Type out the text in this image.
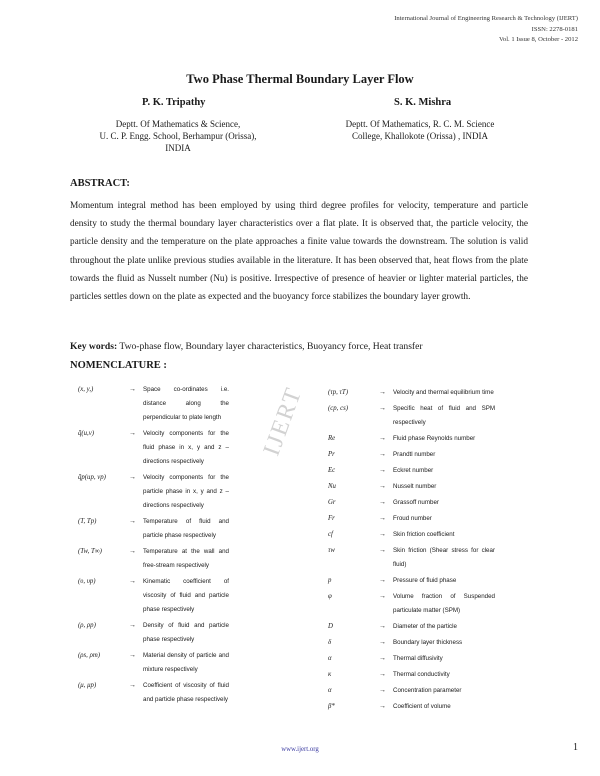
International Journal of Engineering Research & Technology (IJERT)
ISSN: 2278-0181
Vol. 1 Issue 8, October - 2012
Two Phase Thermal Boundary Layer Flow
P. K. Tripathy
Deptt. Of Mathematics & Science,
U. C. P. Engg. School, Berhampur (Orissa),
INDIA
S. K. Mishra
Deptt. Of Mathematics, R. C. M. Science
College, Khallokote (Orissa) , INDIA
ABSTRACT:

Momentum integral method has been employed by using third degree profiles for velocity, temperature and particle density to study the thermal boundary layer characteristics over a flat plate. It is observed that, the particle velocity, the particle density and the temperature on the plate approaches a finite value towards the downstream. The solution is valid throughout the plate unlike previous studies available in the literature. It has been observed that, heat flows from the plate towards the fluid as Nusselt number (Nu) is positive. Irrespective of presence of heavier or lighter material particles, the particles settles down on the plate as expected and the buoyancy force stabilizes the boundary layer growth.

Key words: Two-phase flow, Boundary layer characteristics, Buoyancy force, Heat transfer
NOMENCLATURE :
IJERT
(x, y,)	→	Space co-ordinates i.e. distance along the perpendicular to plate length
q̄(u,v)	→	Velocity components for the fluid phase in x, y and z – directions respectively
q̄p(up, vp)	→	Velocity components for the particle phase in x, y and z – directions respectively
(T, Tp)	→	Temperature of fluid and particle phase respectively
(Tw, T∞)	→	Temperature at the wall and free-stream respectively
(υ, υp)	→	Kinematic coefficient of viscosity of fluid and particle phase respectively
(ρ, ρp)	→	Density of fluid and particle phase respectively
(ρs, ρm)	→	Material density of particle and mixture respectively
(μ, μp)	→	Coefficient of viscosity of fluid and particle phase respectively
(τp, τT)	→	Velocity and thermal equilibrium time
(cp, cs)	→	Specific heat of fluid and SPM respectively
Re	→	Fluid phase Reynolds number
Pr	→	Prandtl number
Ec	→	Eckret number
Nu	→	Nusselt number
Gr	→	Grassoff number
Fr	→	Froud number
cf	→	Skin friction coefficient
τw	→	Skin friction (Shear stress for clear fluid)
p	→	Pressure of fluid phase
φ	→	Volume fraction of Suspended particulate matter (SPM)
D	→	Diameter of the particle
δ	→	Boundary layer thickness
α	→	Thermal diffusivity
κ	→	Thermal conductivity
α	→	Concentration parameter
β*	→	Coefficient of volume
www.ijert.org	1
